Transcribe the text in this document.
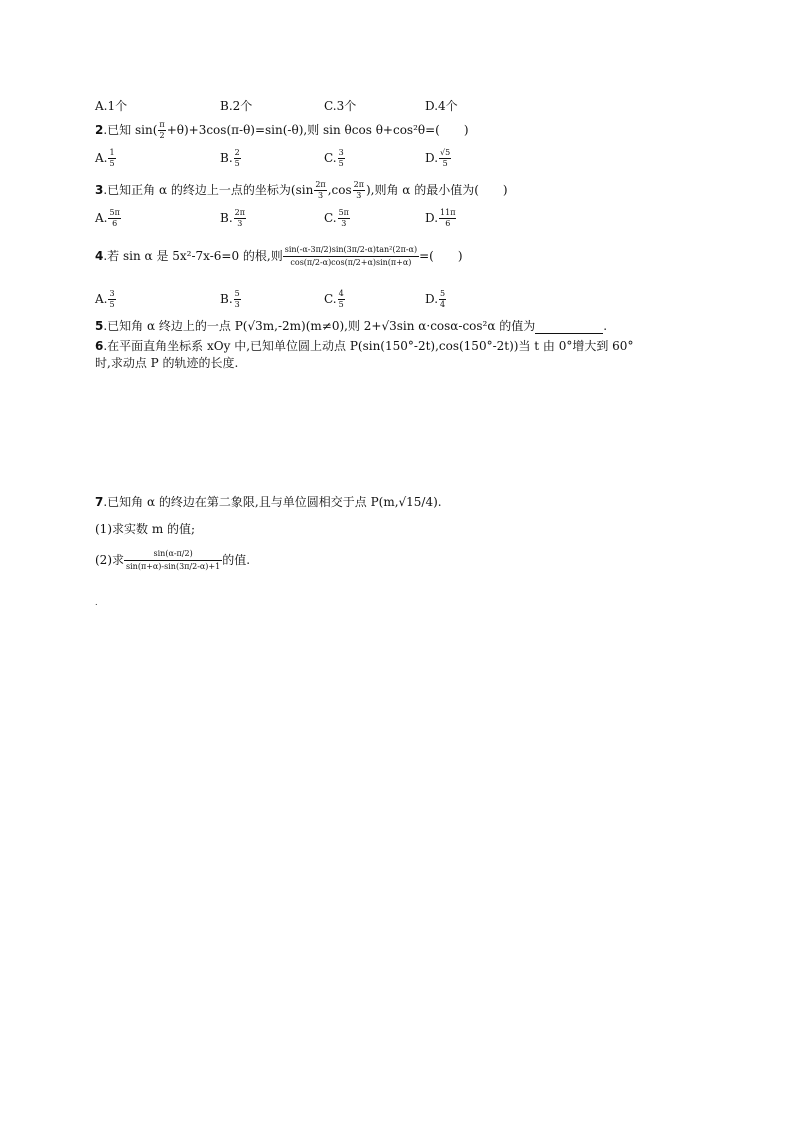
A.1个	B.2个	C.3个	D.4个
2.已知 $\sin( \frac{\pi}{2} +\theta)+3\cos(\pi-\theta)=\sin(-\theta)$,则 sin θcos θ+cos²θ=(　　)
A. $\frac{1}{5}$	B. $\frac{2}{5}$	C. $\frac{3}{5}$	D. $\frac{√5}{5}$
3.已知正角 α 的终边上一点的坐标为($\sin \frac{2\pi}{3} ,\cos \frac{2\pi}{3}$ ),则角 α 的最小值为(　　)
A. $\frac{5\pi}{6}$	B. $\frac{2\pi}{3}$	C. $\frac{5\pi}{3}$	D. $\frac{11\pi}{6}$
4.若 sin α 是 5x²-7x-6=0 的根,则 $\frac{\text{sin(-α-3π/2)sin(3π/2-α)tan²(2π-α)}}{\cos(\pi/2-\alpha)\cos(\pi/2+\alpha)\sin(\pi+\alpha)}$ =(　　)
A. $\frac{3}{5}$	B. $\frac{5}{3}$	C. $\frac{4}{5}$	D. $\frac{5}{4}$
5.已知角 α 终边上的一点 P(√3m,-2m)(m≠0),则 2+√3sin α·cosα-cos²α 的值为	.
6.在平面直角坐标系 xOy 中,已知单位圆上动点 P(sin(150°-2t),cos(150°-2t))当 t 由 0°增大到 60°
时,求动点 P 的轨迹的长度.
7.已知角 α 的终边在第二象限,且与单位圆相交于点 P(m,√15/4).
(1)求实数 m 的值;
(2)求 $\frac{\sin(\alpha-\pi/2)}{\sin(\pi+\alpha)-\sin(3\pi/2-\alpha)+1}$ 的值.
.
